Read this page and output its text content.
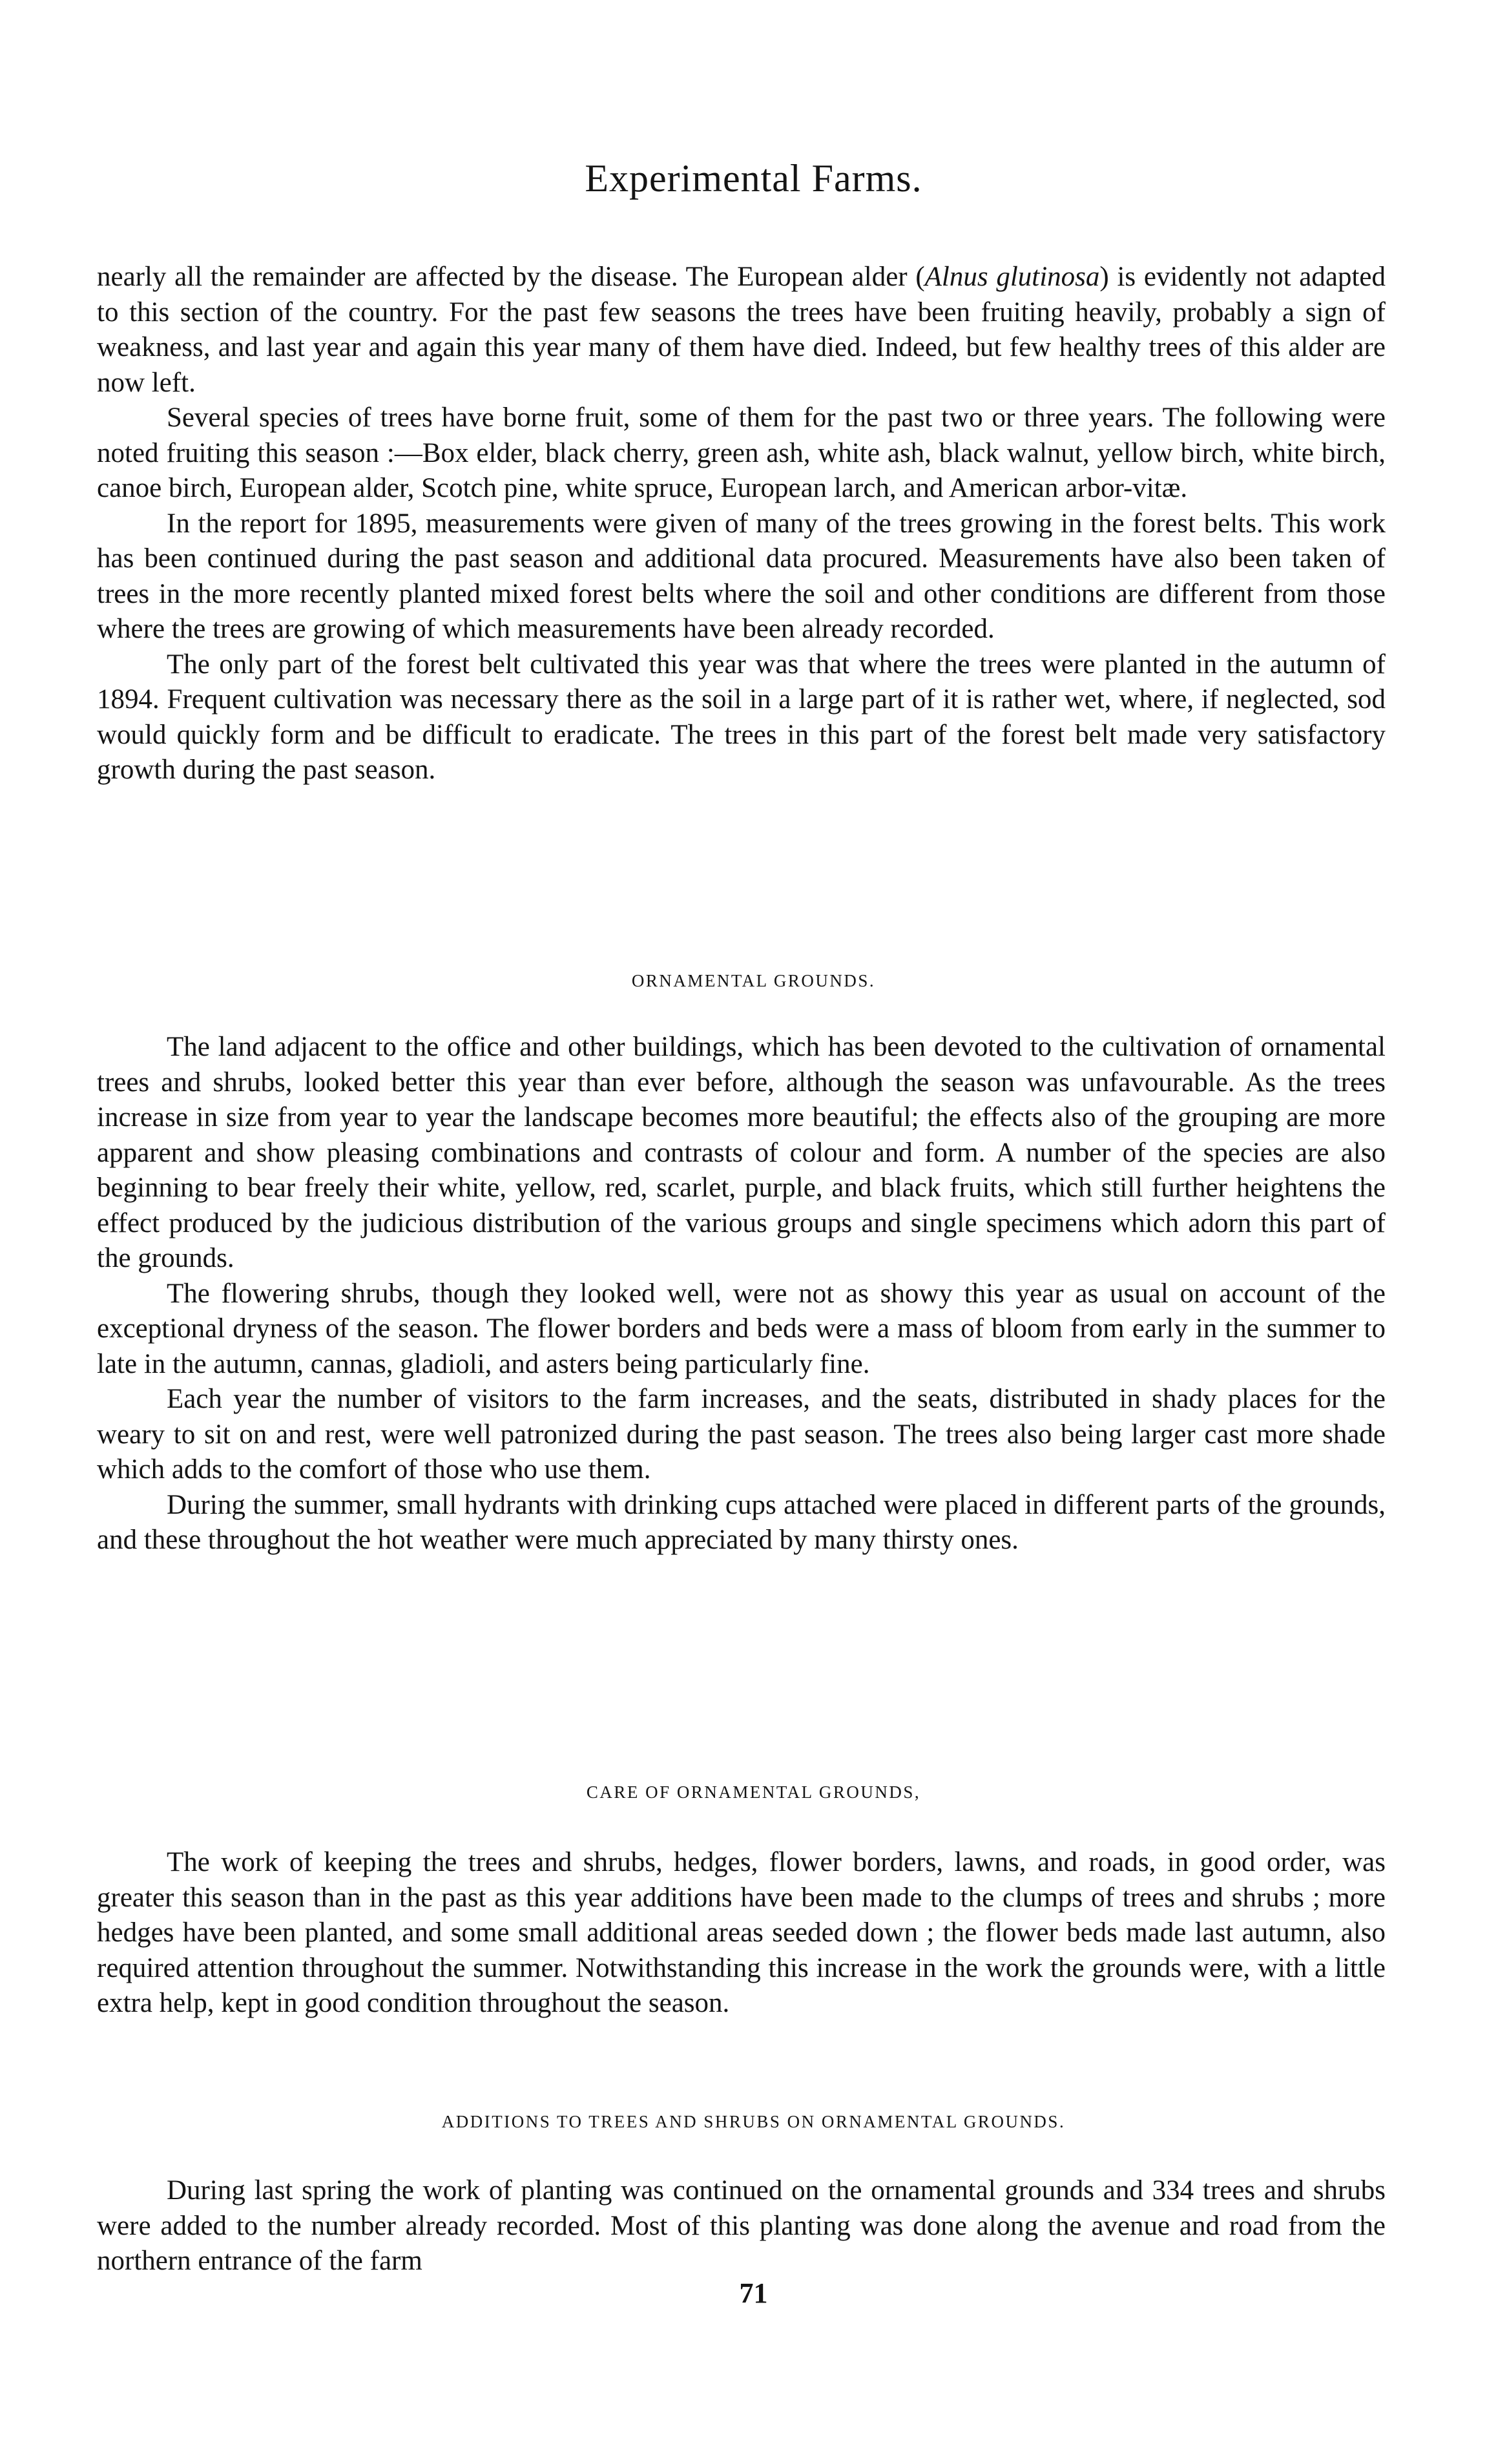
Experimental Farms.

nearly all the remainder are affected by the disease. The European alder (Alnus glutinosa) is evidently not adapted to this section of the country. For the past few seasons the trees have been fruiting heavily, probably a sign of weakness, and last year and again this year many of them have died. Indeed, but few healthy trees of this alder are now left.

Several species of trees have borne fruit, some of them for the past two or three years. The following were noted fruiting this season :—Box elder, black cherry, green ash, white ash, black walnut, yellow birch, white birch, canoe birch, European alder, Scotch pine, white spruce, European larch, and American arbor-vitæ.

In the report for 1895, measurements were given of many of the trees growing in the forest belts. This work has been continued during the past season and additional data procured. Measurements have also been taken of trees in the more recently planted mixed forest belts where the soil and other conditions are different from those where the trees are growing of which measurements have been already recorded.

The only part of the forest belt cultivated this year was that where the trees were planted in the autumn of 1894. Frequent cultivation was necessary there as the soil in a large part of it is rather wet, where, if neglected, sod would quickly form and be difficult to eradicate. The trees in this part of the forest belt made very satisfactory growth during the past season.

ORNAMENTAL GROUNDS.

The land adjacent to the office and other buildings, which has been devoted to the cultivation of ornamental trees and shrubs, looked better this year than ever before, although the season was unfavourable. As the trees increase in size from year to year the landscape becomes more beautiful; the effects also of the grouping are more apparent and show pleasing combinations and contrasts of colour and form. A number of the species are also beginning to bear freely their white, yellow, red, scarlet, purple, and black fruits, which still further heightens the effect produced by the judicious distribution of the various groups and single specimens which adorn this part of the grounds.

The flowering shrubs, though they looked well, were not as showy this year as usual on account of the exceptional dryness of the season. The flower borders and beds were a mass of bloom from early in the summer to late in the autumn, cannas, gladioli, and asters being particularly fine.

Each year the number of visitors to the farm increases, and the seats, distributed in shady places for the weary to sit on and rest, were well patronized during the past season. The trees also being larger cast more shade which adds to the comfort of those who use them.

During the summer, small hydrants with drinking cups attached were placed in different parts of the grounds, and these throughout the hot weather were much appreciated by many thirsty ones.

CARE OF ORNAMENTAL GROUNDS,

The work of keeping the trees and shrubs, hedges, flower borders, lawns, and roads, in good order, was greater this season than in the past as this year additions have been made to the clumps of trees and shrubs ; more hedges have been planted, and some small additional areas seeded down ; the flower beds made last autumn, also required attention throughout the summer. Notwithstanding this increase in the work the grounds were, with a little extra help, kept in good condition throughout the season.

ADDITIONS TO TREES AND SHRUBS ON ORNAMENTAL GROUNDS.

During last spring the work of planting was continued on the ornamental grounds and 334 trees and shrubs were added to the number already recorded. Most of this planting was done along the avenue and road from the northern entrance of the farm

71
